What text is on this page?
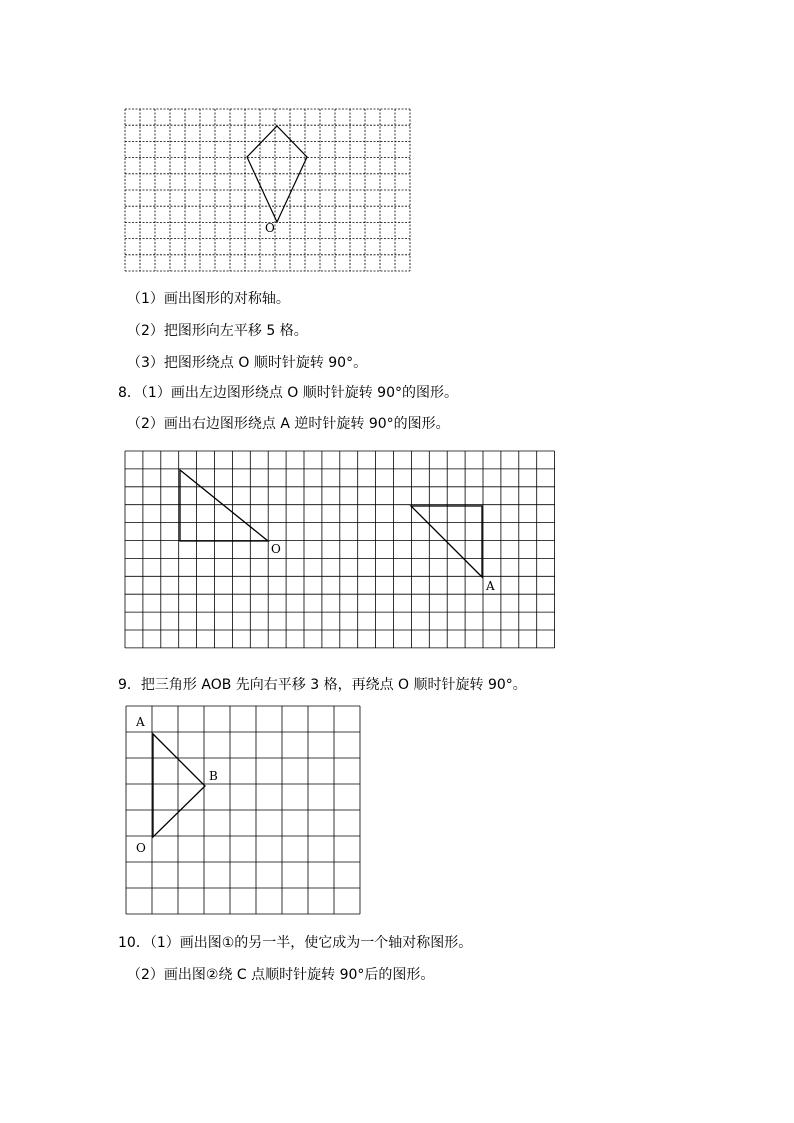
O
（1）画出图形的对称轴。
（2）把图形向左平移 5 格。
（3）把图形绕点 O 顺时针旋转 90°。
8．（1）画出左边图形绕点 O 顺时针旋转 90°的图形。
（2）画出右边图形绕点 A 逆时针旋转 90°的图形。
O
A
9．把三角形 AOB 先向右平移 3 格，再绕点 O 顺时针旋转 90°。
A
B
O
10．（1）画出图①的另一半，使它成为一个轴对称图形。
（2）画出图②绕 C 点顺时针旋转 90°后的图形。
